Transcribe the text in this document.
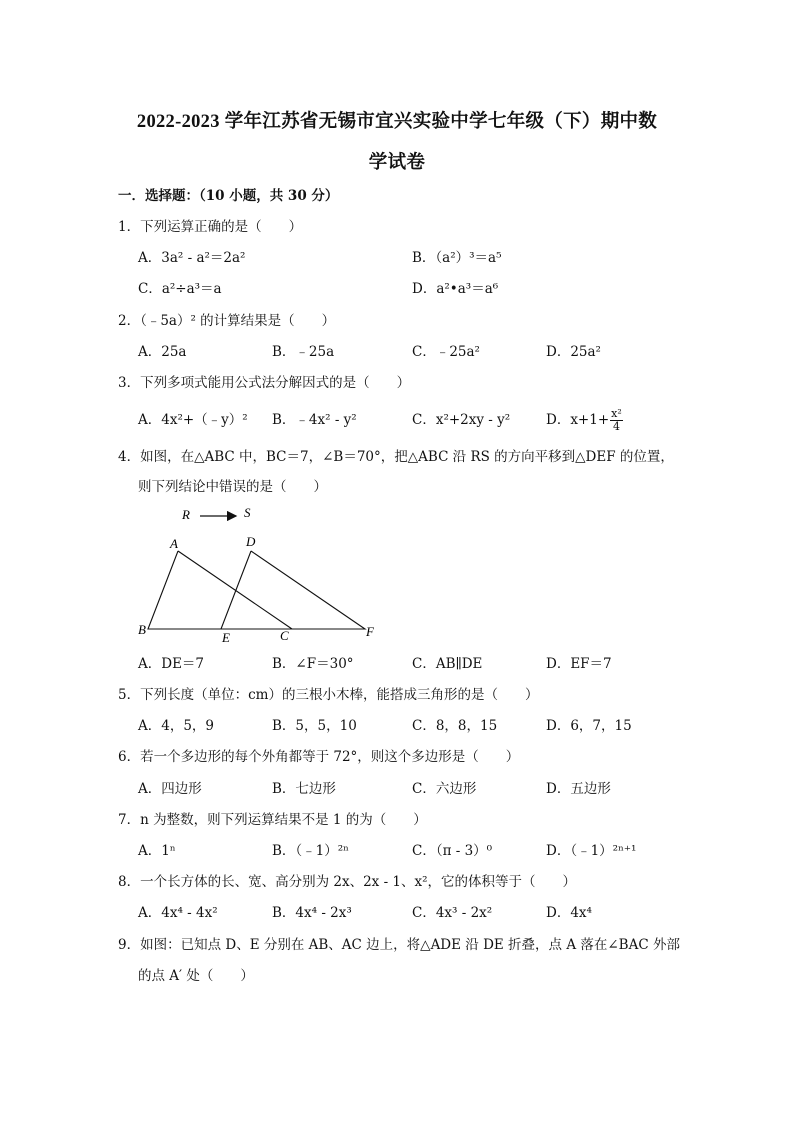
2022-2023 学年江苏省无锡市宜兴实验中学七年级（下）期中数
学试卷
一．选择题：（10 小题，共 30 分）
1．下列运算正确的是（　　）
A．3a² - a²＝2a²	B．（a²）³＝a⁵
C．a²÷a³＝a	D．a²•a³＝a⁶
2．（﹣5a）² 的计算结果是（　　）
A．25a	B．﹣25a	C．﹣25a²	D．25a²
3．下列多项式能用公式法分解因式的是（　　）
A．4x²+（﹣y）² B．﹣4x² - y²	C．x²+2xy - y²	D．$x+1+ \frac{\text{x²}}{4}$
4．如图，在△ABC 中，BC＝7，∠B＝70°，把△ABC 沿 RS 的方向平移到△DEF 的位置，
则下列结论中错误的是（　　）
R	S
A
B	C
D
E	F
A．DE＝7	B．∠F＝30°	C．AB∥DE	D．EF＝7
5．下列长度（单位：cm）的三根小木棒，能搭成三角形的是（　　）
A．4，5，9	B．5，5，10	C．8，8，15	D．6，7，15
6．若一个多边形的每个外角都等于 72°，则这个多边形是（　　）
A．四边形	B．七边形	C．六边形	D．五边形
7．n 为整数，则下列运算结果不是 1 的为（　　）
A．1ⁿ	B．（﹣1）²ⁿ	C．（π - 3）⁰	D．（﹣1）²ⁿ⁺¹
8．一个长方体的长、宽、高分别为 2x、2x - 1、x²，它的体积等于（　　）
A．4x⁴ - 4x²	B．4x⁴ - 2x³	C．4x³ - 2x²	D．4x⁴
9．如图：已知点 D、E 分别在 AB、AC 边上，将△ADE 沿 DE 折叠，点 A 落在∠BAC 外部
的点 A′ 处（　　）
